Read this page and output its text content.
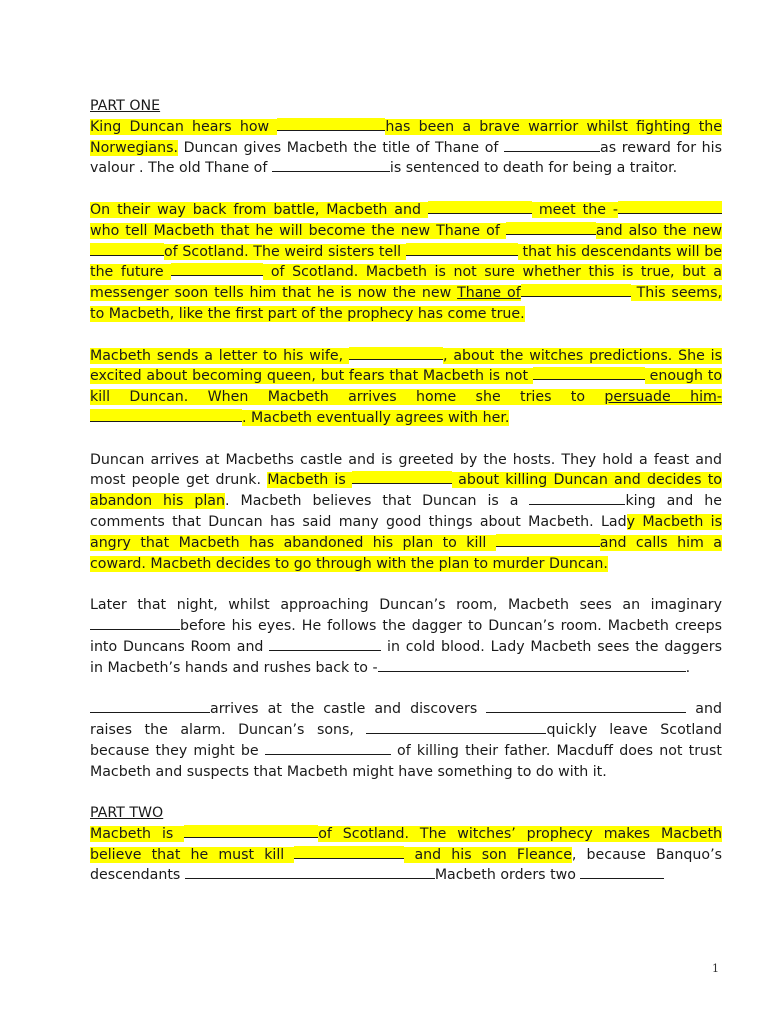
PART ONE

King Duncan hears how	has been a brave warrior whilst fighting the Norwegians. Duncan gives Macbeth the title of Thane of	as reward for his valour . The old Thane of	is sentenced to death for being a traitor.

On their way back from battle, Macbeth and	meet the -who tell Macbeth that he will become the new Thane of	and also the new of Scotland. The weird sisters tell	that his descendants will be the future	of Scotland. Macbeth is not sure whether this is true, but a messenger soon tells him that he is now the new Thane of	This seems, to Macbeth, like the first part of the prophecy has come true.

Macbeth sends a letter to his wife,	, about the witches predictions. She is excited about becoming queen, but fears that Macbeth is not	enough to kill Duncan. When Macbeth arrives home she tries to persuade him-. Macbeth eventually agrees with her.

Duncan arrives at Macbeths castle and is greeted by the hosts. They hold a feast and most people get drunk. Macbeth is	about killing Duncan and decides to abandon his plan. Macbeth believes that Duncan is a	king and he comments that Duncan has said many good things about Macbeth. Lady Macbeth is angry that Macbeth has abandoned his plan to kill	and calls him a coward. Macbeth decides to go through with the plan to murder Duncan.

Later that night, whilst approaching Duncan’s room, Macbeth sees an imaginary before his eyes. He follows the dagger to Duncan’s room. Macbeth creeps into Duncans Room and	in cold blood. Lady Macbeth sees the daggers in Macbeth’s hands and rushes back to -	.

arrives at the castle and discovers	and raises the alarm. Duncan’s sons,	quickly leave Scotland because they might be	of killing their father. Macduff does not trust Macbeth and suspects that Macbeth might have something to do with it.

PART TWO

Macbeth is	of Scotland. The witches’ prophecy makes Macbeth believe that he must kill	and his son Fleance, because Banquo’s descendants	Macbeth orders two

1
